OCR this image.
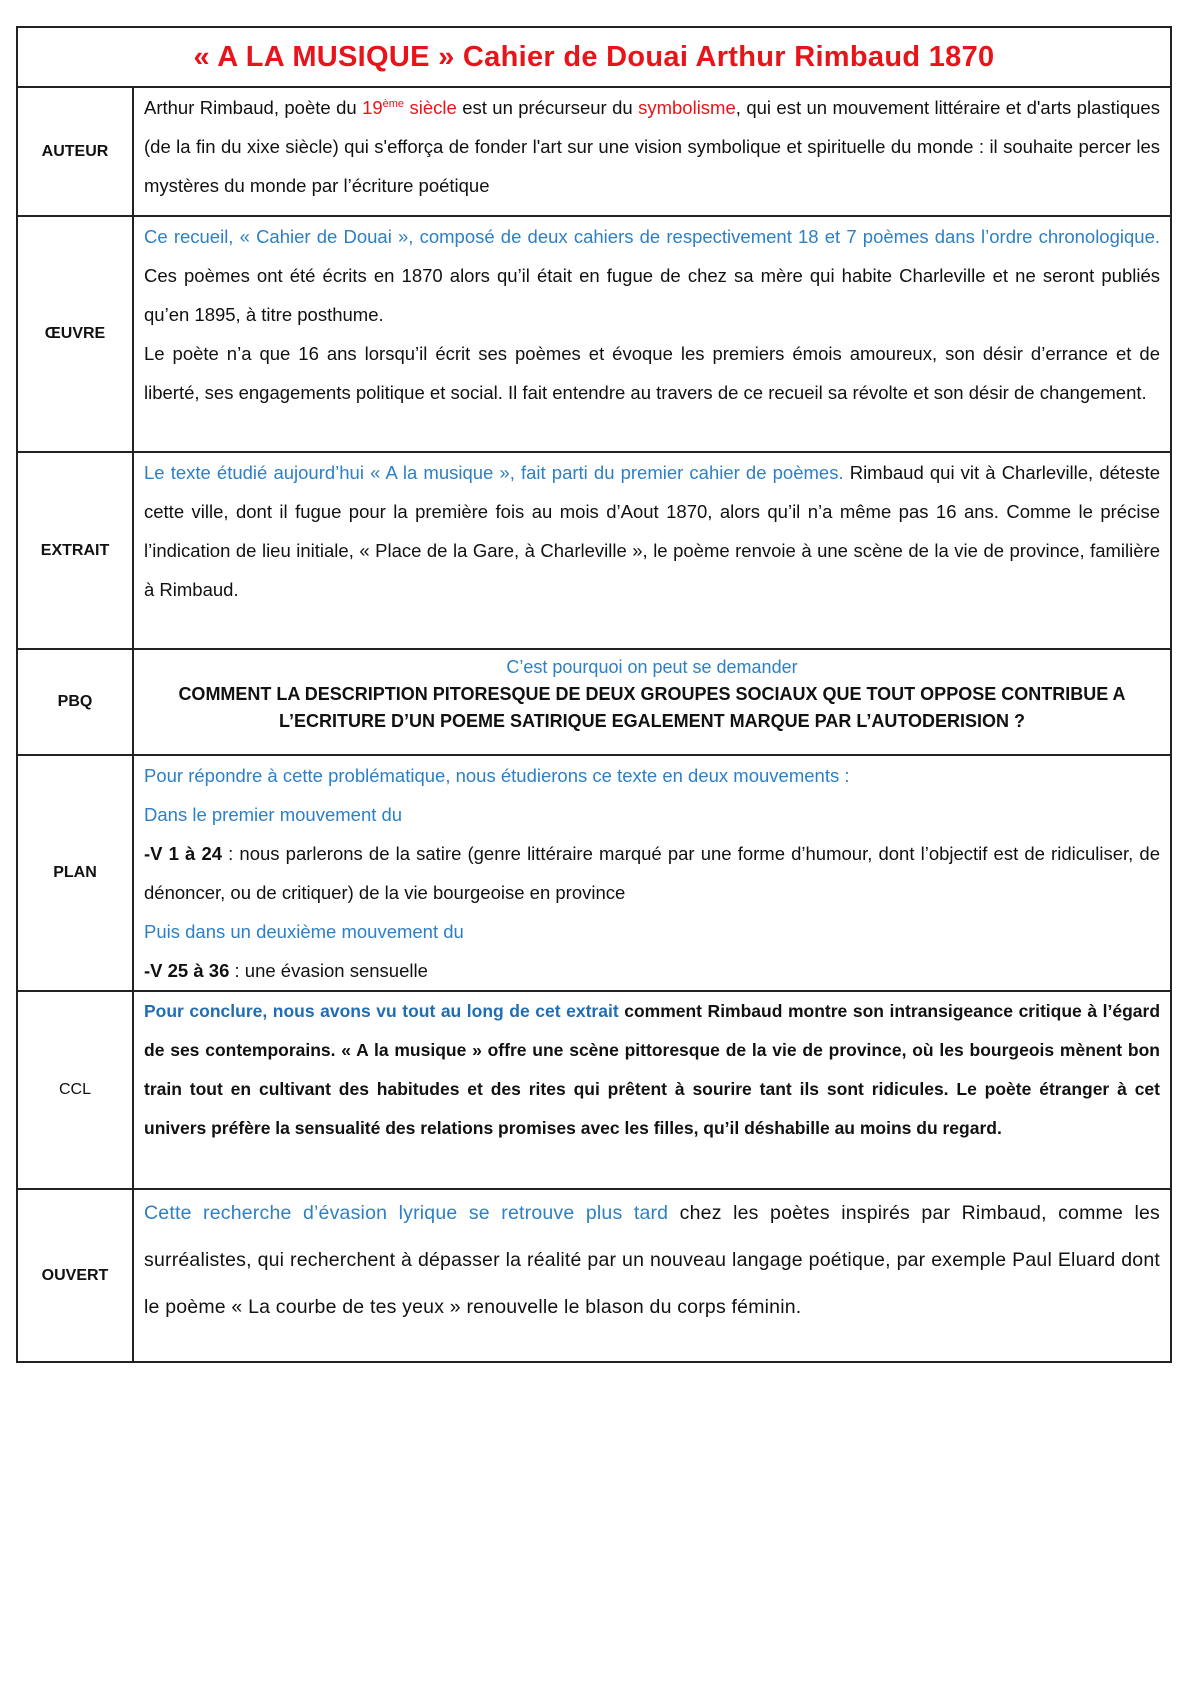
« A LA MUSIQUE » Cahier de Douai Arthur Rimbaud 1870
AUTEUR
Arthur Rimbaud, poète du 19ème siècle est un précurseur du symbolisme, qui est un mouvement littéraire et d'arts plastiques (de la fin du xixe siècle) qui s'efforça de fonder l'art sur une vision symbolique et spirituelle du monde : il souhaite percer les mystères du monde par l’écriture poétique
ŒUVRE

Ce recueil, « Cahier de Douai », composé de deux cahiers de respectivement 18 et 7 poèmes dans l’ordre chronologique. Ces poèmes ont été écrits en 1870 alors qu’il était en fugue de chez sa mère qui habite Charleville et ne seront publiés qu’en 1895, à titre posthume.

Le poète n’a que 16 ans lorsqu’il écrit ses poèmes et évoque les premiers émois amoureux, son désir d’errance et de liberté, ses engagements politique et social. Il fait entendre au travers de ce recueil sa révolte et son désir de changement.

EXTRAIT
Le texte étudié aujourd’hui « A la musique », fait parti du premier cahier de poèmes. Rimbaud qui vit à Charleville, déteste cette ville, dont il fugue pour la première fois au mois d’Aout 1870, alors qu’il n’a même pas 16 ans. Comme le précise l’indication de lieu initiale, « Place de la Gare, à Charleville », le poème renvoie à une scène de la vie de province, familière à Rimbaud.
PBQ
C’est pourquoi on peut se demander
COMMENT LA DESCRIPTION PITORESQUE DE DEUX GROUPES SOCIAUX QUE TOUT OPPOSE CONTRIBUE A L’ECRITURE D’UN POEME SATIRIQUE EGALEMENT MARQUE PAR L’AUTODERISION ?
PLAN

Pour répondre à cette problématique, nous étudierons ce texte en deux mouvements :

Dans le premier mouvement du

-V 1 à 24 : nous parlerons de la satire (genre littéraire marqué par une forme d’humour, dont l’objectif est de ridiculiser, de dénoncer, ou de critiquer) de la vie bourgeoise en province

Puis dans un deuxième mouvement du

-V 25 à 36 : une évasion sensuelle

CCL
Pour conclure, nous avons vu tout au long de cet extrait comment Rimbaud montre son intransigeance critique à l’égard de ses contemporains. « A la musique » offre une scène pittoresque de la vie de province, où les bourgeois mènent bon train tout en cultivant des habitudes et des rites qui prêtent à sourire tant ils sont ridicules. Le poète étranger à cet univers préfère la sensualité des relations promises avec les filles, qu’il déshabille au moins du regard.
OUVERT
Cette recherche d’évasion lyrique se retrouve plus tard chez les poètes inspirés par Rimbaud, comme les surréalistes, qui recherchent à dépasser la réalité par un nouveau langage poétique, par exemple Paul Eluard dont le poème « La courbe de tes yeux » renouvelle le blason du corps féminin.
